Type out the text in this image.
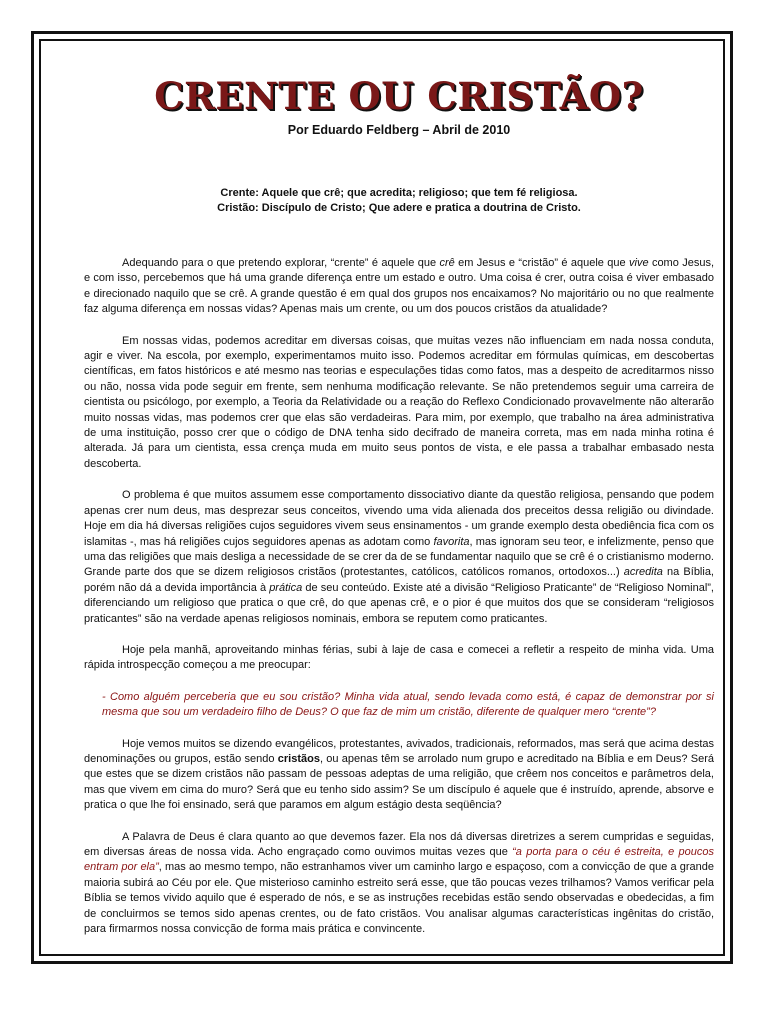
CRENTE OU CRISTÃO?
Por Eduardo Feldberg – Abril de 2010
Crente: Aquele que crê; que acredita; religioso; que tem fé religiosa.
Cristão: Discípulo de Cristo; Que adere e pratica a doutrina de Cristo.

Adequando para o que pretendo explorar, “crente” é aquele que crê em Jesus e “cristão” é aquele que vive como Jesus, e com isso, percebemos que há uma grande diferença entre um estado e outro. Uma coisa é crer, outra coisa é viver embasado e direcionado naquilo que se crê. A grande questão é em qual dos grupos nos encaixamos? No majoritário ou no que realmente faz alguma diferença em nossas vidas? Apenas mais um crente, ou um dos poucos cristãos da atualidade?

Em nossas vidas, podemos acreditar em diversas coisas, que muitas vezes não influenciam em nada nossa conduta, agir e viver. Na escola, por exemplo, experimentamos muito isso. Podemos acreditar em fórmulas químicas, em descobertas científicas, em fatos históricos e até mesmo nas teorias e especulações tidas como fatos, mas a despeito de acreditarmos nisso ou não, nossa vida pode seguir em frente, sem nenhuma modificação relevante. Se não pretendemos seguir uma carreira de cientista ou psicólogo, por exemplo, a Teoria da Relatividade ou a reação do Reflexo Condicionado provavelmente não alterarão muito nossas vidas, mas podemos crer que elas são verdadeiras. Para mim, por exemplo, que trabalho na área administrativa de uma instituição, posso crer que o código de DNA tenha sido decifrado de maneira correta, mas em nada minha rotina é alterada. Já para um cientista, essa crença muda em muito seus pontos de vista, e ele passa a trabalhar embasado nesta descoberta.

O problema é que muitos assumem esse comportamento dissociativo diante da questão religiosa, pensando que podem apenas crer num deus, mas desprezar seus conceitos, vivendo uma vida alienada dos preceitos dessa religião ou divindade. Hoje em dia há diversas religiões cujos seguidores vivem seus ensinamentos - um grande exemplo desta obediência fica com os islamitas -, mas há religiões cujos seguidores apenas as adotam como favorita, mas ignoram seu teor, e infelizmente, penso que uma das religiões que mais desliga a necessidade de se crer da de se fundamentar naquilo que se crê é o cristianismo moderno. Grande parte dos que se dizem religiosos cristãos (protestantes, católicos, católicos romanos, ortodoxos...) acredita na Bíblia, porém não dá a devida importância à prática de seu conteúdo. Existe até a divisão “Religioso Praticante” de “Religioso Nominal”, diferenciando um religioso que pratica o que crê, do que apenas crê, e o pior é que muitos dos que se consideram “religiosos praticantes” são na verdade apenas religiosos nominais, embora se reputem como praticantes.

Hoje pela manhã, aproveitando minhas férias, subi à laje de casa e comecei a refletir a respeito de minha vida. Uma rápida introspecção começou a me preocupar:

- Como alguém perceberia que eu sou cristão? Minha vida atual, sendo levada como está, é capaz de demonstrar por si mesma que sou um verdadeiro filho de Deus? O que faz de mim um cristão, diferente de qualquer mero “crente”?

Hoje vemos muitos se dizendo evangélicos, protestantes, avivados, tradicionais, reformados, mas será que acima destas denominações ou grupos, estão sendo cristãos, ou apenas têm se arrolado num grupo e acreditado na Bíblia e em Deus? Será que estes que se dizem cristãos não passam de pessoas adeptas de uma religião, que crêem nos conceitos e parâmetros dela, mas que vivem em cima do muro? Será que eu tenho sido assim? Se um discípulo é aquele que é instruído, aprende, absorve e pratica o que lhe foi ensinado, será que paramos em algum estágio desta seqüência?

A Palavra de Deus é clara quanto ao que devemos fazer. Ela nos dá diversas diretrizes a serem cumpridas e seguidas, em diversas áreas de nossa vida. Acho engraçado como ouvimos muitas vezes que “a porta para o céu é estreita, e poucos entram por ela”, mas ao mesmo tempo, não estranhamos viver um caminho largo e espaçoso, com a convicção de que a grande maioria subirá ao Céu por ele. Que misterioso caminho estreito será esse, que tão poucas vezes trilhamos? Vamos verificar pela Bíblia se temos vivido aquilo que é esperado de nós, e se as instruções recebidas estão sendo observadas e obedecidas, a fim de concluirmos se temos sido apenas crentes, ou de fato cristãos. Vou analisar algumas características ingênitas do cristão, para firmarmos nossa convicção de forma mais prática e convincente.
